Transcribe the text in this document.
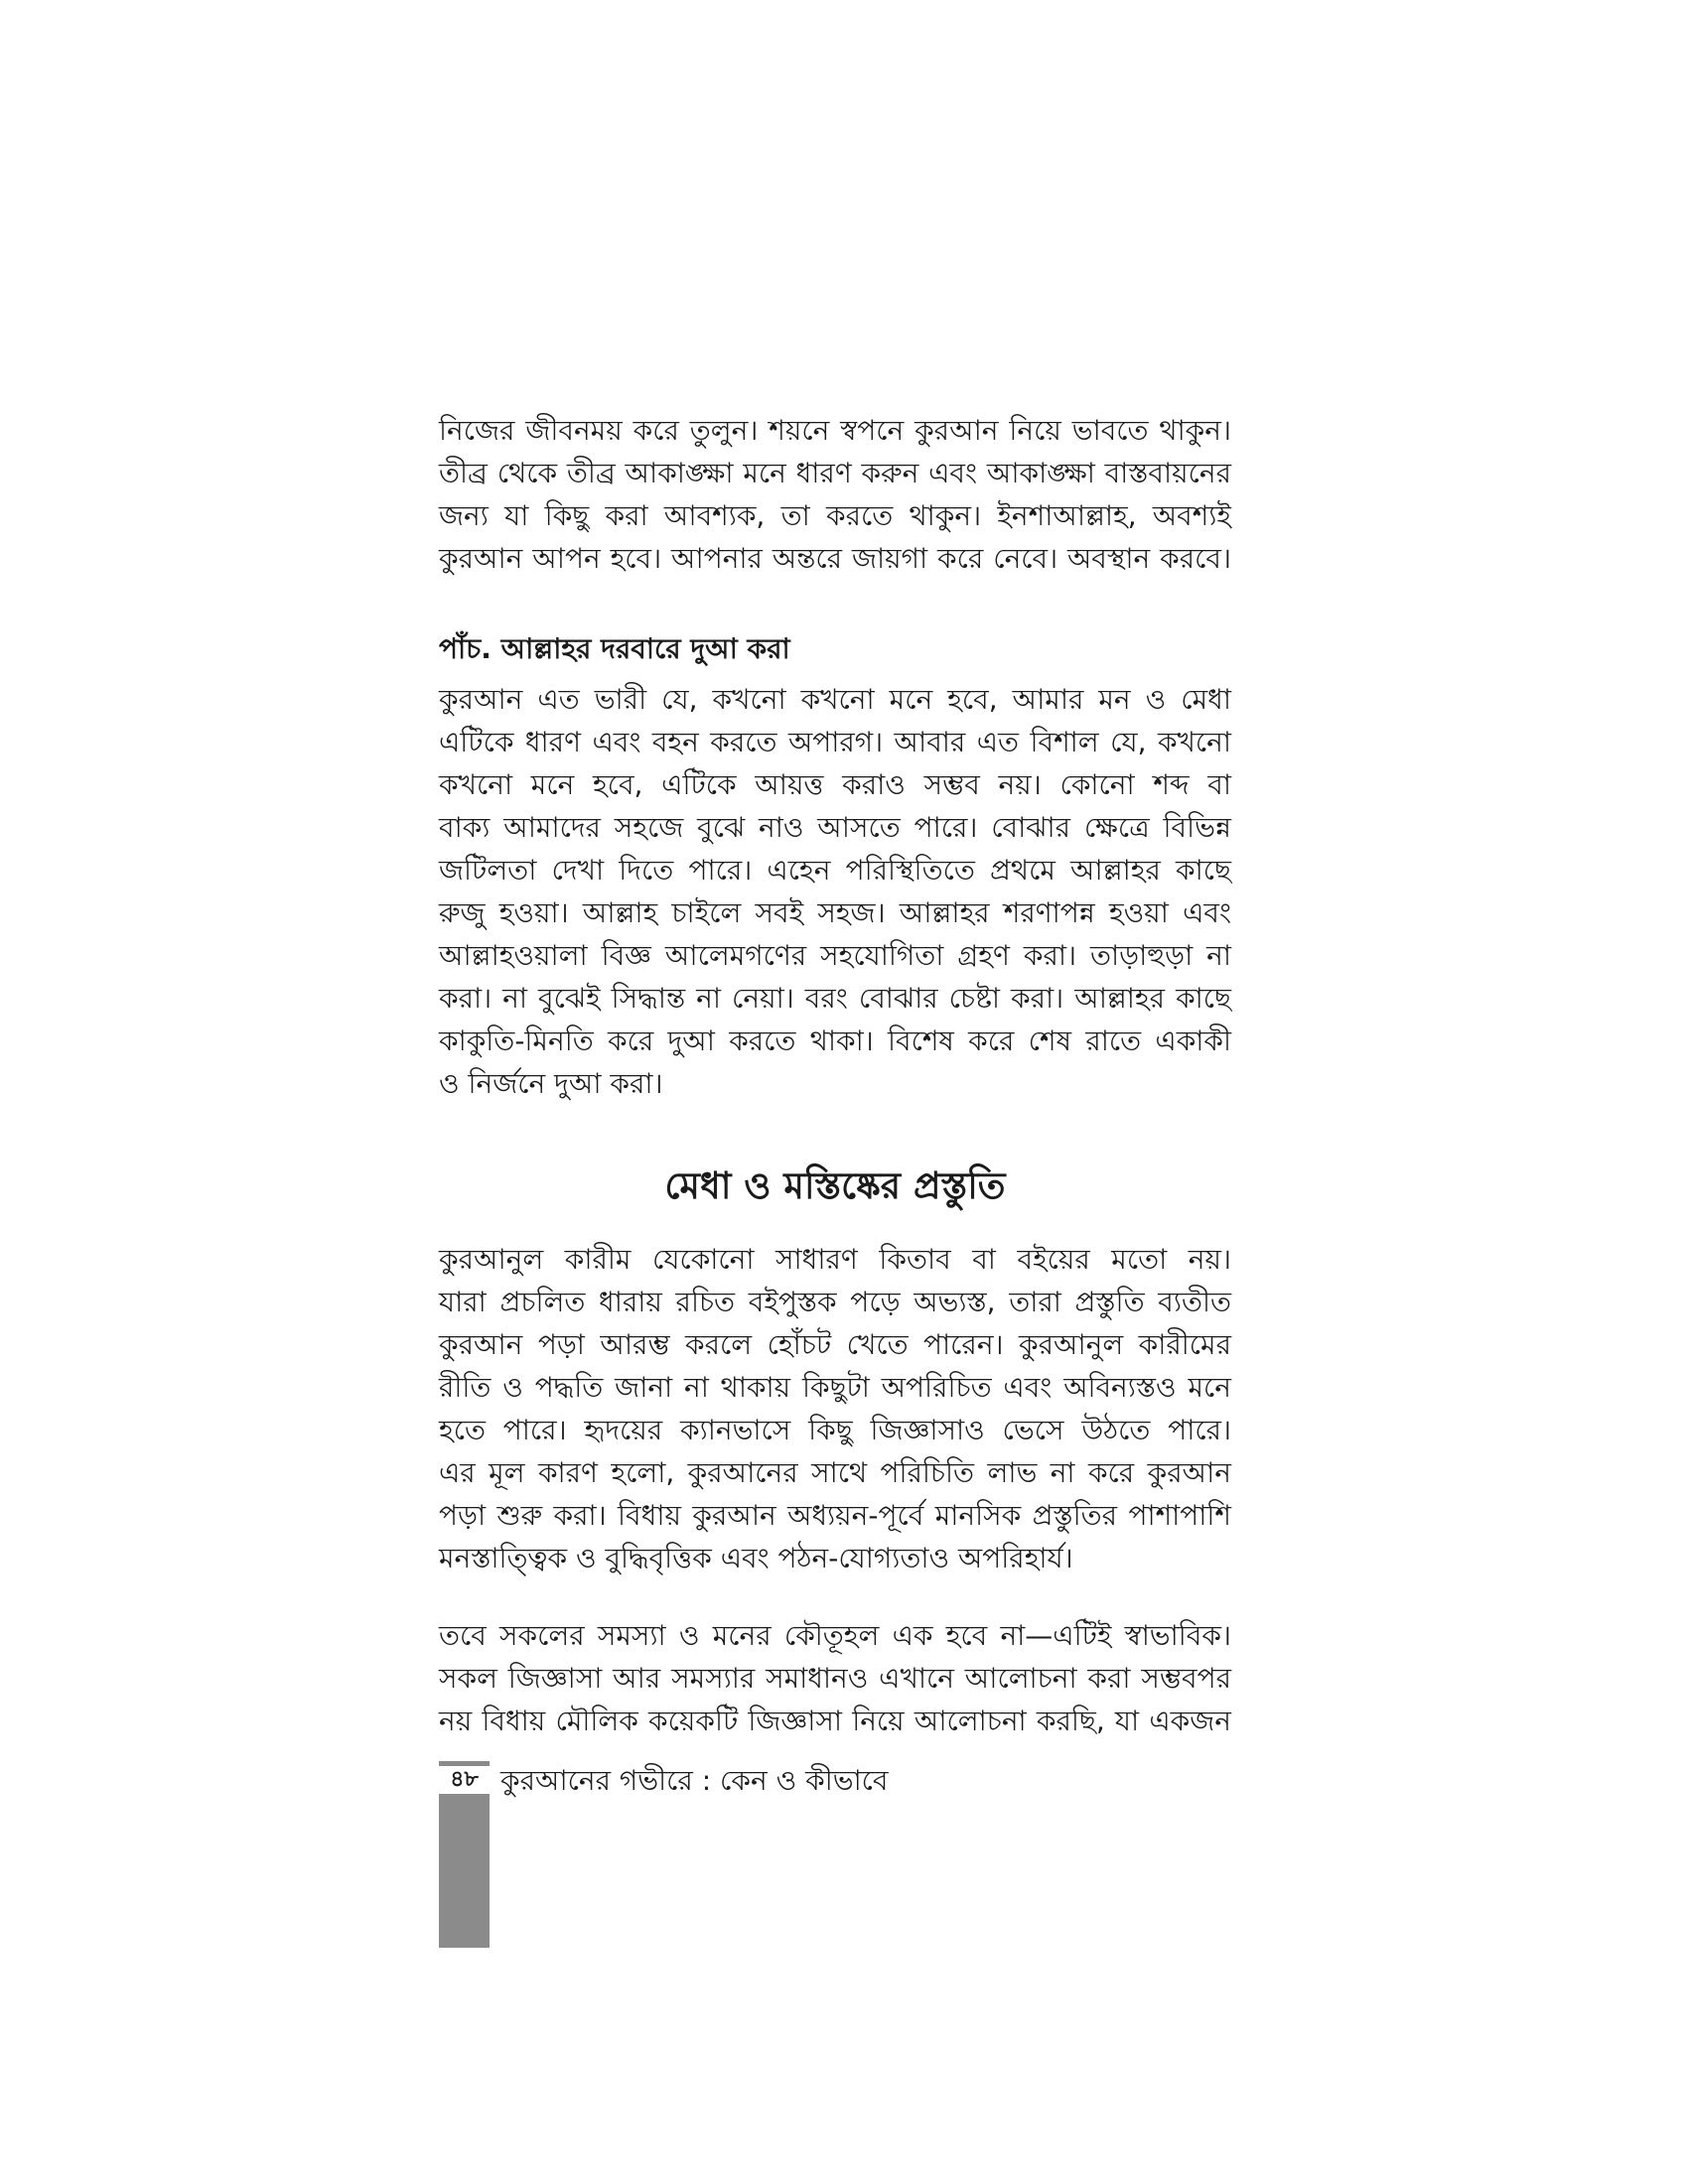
নিজের জীবনময় করে তুলুন। শয়নে স্বপনে কুরআন নিয়ে ভাবতে থাকুন।
তীব্র থেকে তীব্র আকাঙ্ক্ষা মনে ধারণ করুন এবং আকাঙ্ক্ষা বাস্তবায়নের
জন্য যা কিছু করা আবশ্যক, তা করতে থাকুন। ইনশাআল্লাহ, অবশ্যই
কুরআন আপন হবে। আপনার অন্তরে জায়গা করে নেবে। অবস্থান করবে।
পাঁচ. আল্লাহর দরবারে দুআ করা
কুরআন এত ভারী যে, কখনো কখনো মনে হবে, আমার মন ও মেধা
এটিকে ধারণ এবং বহন করতে অপারগ। আবার এত বিশাল যে, কখনো
কখনো মনে হবে, এটিকে আয়ত্ত করাও সম্ভব নয়। কোনো শব্দ বা
বাক্য আমাদের সহজে বুঝে নাও আসতে পারে। বোঝার ক্ষেত্রে বিভিন্ন
জটিলতা দেখা দিতে পারে। এহেন পরিস্থিতিতে প্রথমে আল্লাহর কাছে
রুজু হওয়া। আল্লাহ চাইলে সবই সহজ। আল্লাহর শরণাপন্ন হওয়া এবং
আল্লাহওয়ালা বিজ্ঞ আলেমগণের সহযোগিতা গ্রহণ করা। তাড়াহুড়া না
করা। না বুঝেই সিদ্ধান্ত না নেয়া। বরং বোঝার চেষ্টা করা। আল্লাহর কাছে
কাকুতি-মিনতি করে দুআ করতে থাকা। বিশেষ করে শেষ রাতে একাকী
ও নির্জনে দুআ করা।
মেধা ও মস্তিষ্কের প্রস্তুতি
কুরআনুল কারীম যেকোনো সাধারণ কিতাব বা বইয়ের মতো নয়।
যারা প্রচলিত ধারায় রচিত বইপুস্তক পড়ে অভ্যস্ত, তারা প্রস্তুতি ব্যতীত
কুরআন পড়া আরম্ভ করলে হোঁচট খেতে পারেন। কুরআনুল কারীমের
রীতি ও পদ্ধতি জানা না থাকায় কিছুটা অপরিচিত এবং অবিন্যস্তও মনে
হতে পারে। হৃদয়ের ক্যানভাসে কিছু জিজ্ঞাসাও ভেসে উঠতে পারে।
এর মূল কারণ হলো, কুরআনের সাথে পরিচিতি লাভ না করে কুরআন
পড়া শুরু করা। বিধায় কুরআন অধ্যয়ন-পূর্বে মানসিক প্রস্তুতির পাশাপাশি
মনস্তাত্ত্বিক ও বুদ্ধিবৃত্তিক এবং পঠন-যোগ্যতাও অপরিহার্য।
তবে সকলের সমস্যা ও মনের কৌতূহল এক হবে না—এটিই স্বাভাবিক।
সকল জিজ্ঞাসা আর সমস্যার সমাধানও এখানে আলোচনা করা সম্ভবপর
নয় বিধায় মৌলিক কয়েকটি জিজ্ঞাসা নিয়ে আলোচনা করছি, যা একজন
৪৮ কুরআনের গভীরে : কেন ও কীভাবে
